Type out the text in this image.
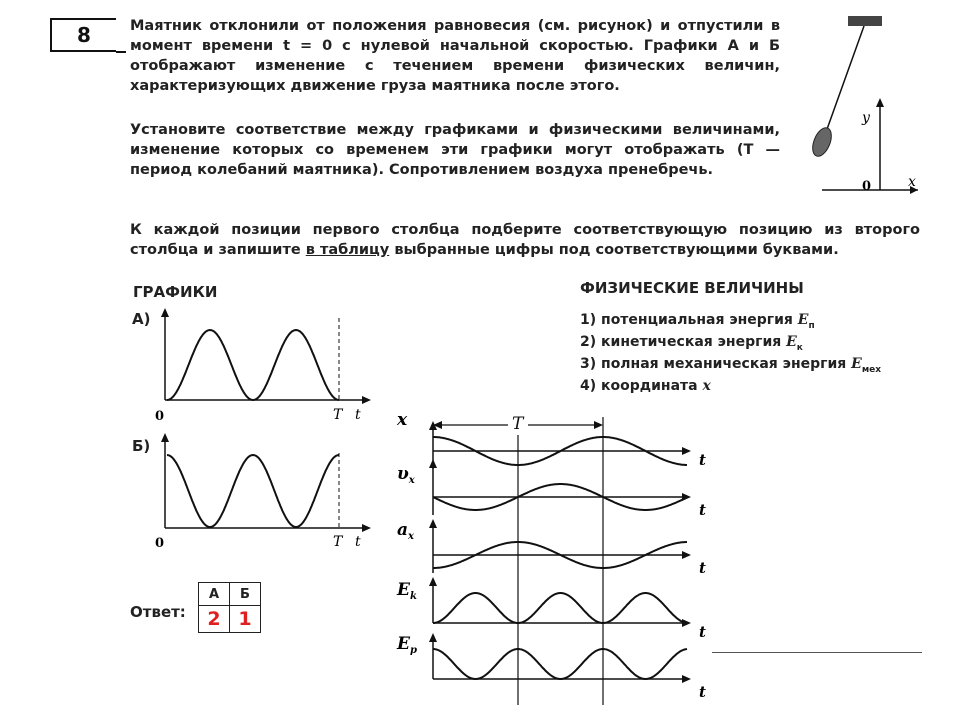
8	Маятник отклонили от положения равновесия (см. рисунок) и отпустили в момент времени t = 0 с нулевой начальной скоростью. Графики А и Б отображают изменение с течением времени физических величин, характеризующих движение груза маятника после этого.

Установите соответствие между графиками и физическими величинами, изменение которых со временем эти графики могут отображать (T — период колебаний маятника). Сопротивлением воздуха пренебречь.

К каждой позиции первого столбца подберите соответствующую позицию из второго столбца и запишите в таблицу выбранные цифры под соответствующими буквами.

y
x
0
ГРАФИКИ
А)
0	T t
Б)
0	T t
ФИЗИЧЕСКИЕ ВЕЛИЧИНЫ
1) потенциальная энергия $E_п$
2) кинетическая энергия $E_к$
3) полная механическая энергия $E_{мех}$
4) координата x
Ответ:
А	Б
2	1
x
t
$\upsilon_x$
t
$a_x$
t
$E_k$
t
$E_p$
t
T
